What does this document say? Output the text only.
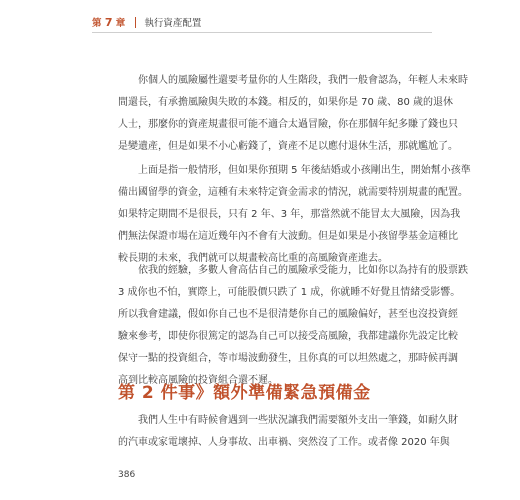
第 7 章 執行資產配置

你個人的風險屬性還要考量你的人生階段，我們一般會認為，年輕人未來時
間還長，有承擔風險與失敗的本錢。相反的，如果你是 70 歲、80 歲的退休
人士，那麼你的資產規畫很可能不適合太過冒險，你在那個年紀多賺了錢也只
是變遺產，但是如果不小心虧錢了，資產不足以應付退休生活，那就尷尬了。

上面是指一般情形，但如果你預期 5 年後結婚或小孩剛出生，開始幫小孩準
備出國留學的資金，這種有未來特定資金需求的情況，就需要特別規畫的配置。
如果特定期間不是很長，只有 2 年、3 年，那當然就不能冒太大風險，因為我
們無法保證市場在這近幾年內不會有大波動。但是如果是小孩留學基金這種比
較長期的未來，我們就可以規畫較高比重的高風險資產進去。

依我的經驗，多數人會高估自己的風險承受能力，比如你以為持有的股票跌
3 成你也不怕，實際上，可能股價只跌了 1 成，你就睡不好覺且情緒受影響。
所以我會建議，假如你自己也不是很清楚你自己的風險偏好，甚至也沒投資經
驗來參考，即使你很篤定的認為自己可以接受高風險，我都建議你先設定比較
保守一點的投資組合，等市場波動發生，且你真的可以坦然處之，那時候再調
高到比較高風險的投資組合還不遲。

第 2 件事》額外準備緊急預備金

我們人生中有時候會遇到一些狀況讓我們需要額外支出一筆錢，如耐久財
的汽車或家電壞掉、人身事故、出車禍、突然沒了工作。或者像 2020 年與

386
